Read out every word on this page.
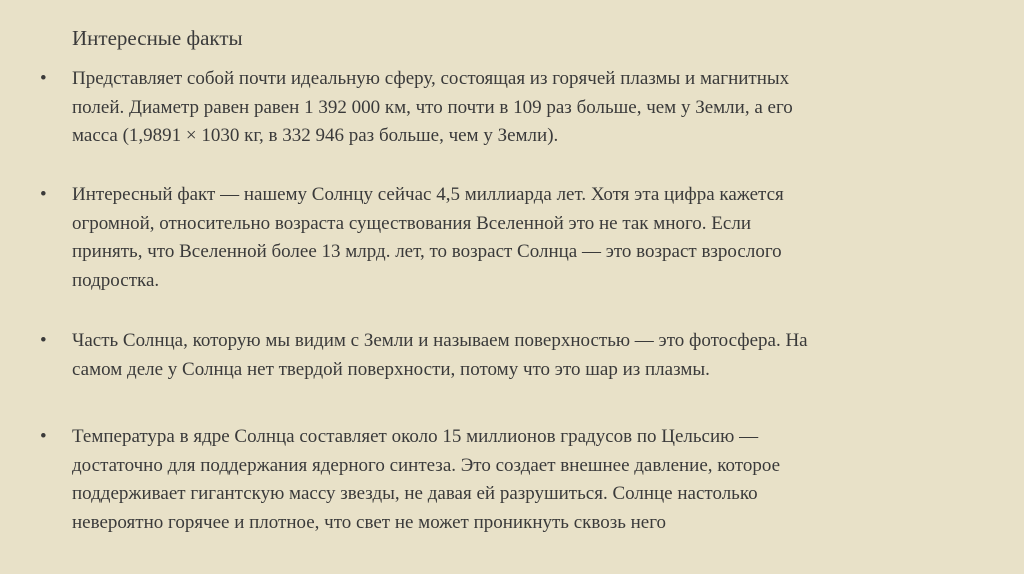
Интересные факты
• Представляет собой почти идеальную сферу, состоящая из горячей плазмы и магнитных
полей. Диаметр равен равен 1 392 000 км, что почти в 109 раз больше, чем у Земли, а его
масса (1,9891 × 1030 кг, в 332 946 раз больше, чем у Земли).
• Интересный факт — нашему Солнцу сейчас 4,5 миллиарда лет. Хотя эта цифра кажется
огромной, относительно возраста существования Вселенной это не так много. Если
принять, что Вселенной более 13 млрд. лет, то возраст Солнца — это возраст взрослого
подростка.
• Часть Солнца, которую мы видим с Земли и называем поверхностью — это фотосфера. На
самом деле у Солнца нет твердой поверхности, потому что это шар из плазмы.
• Температура в ядре Солнца составляет около 15 миллионов градусов по Цельсию —
достаточно для поддержания ядерного синтеза. Это создает внешнее давление, которое
поддерживает гигантскую массу звезды, не давая ей разрушиться. Солнце настолько
невероятно горячее и плотное, что свет не может проникнуть сквозь него
